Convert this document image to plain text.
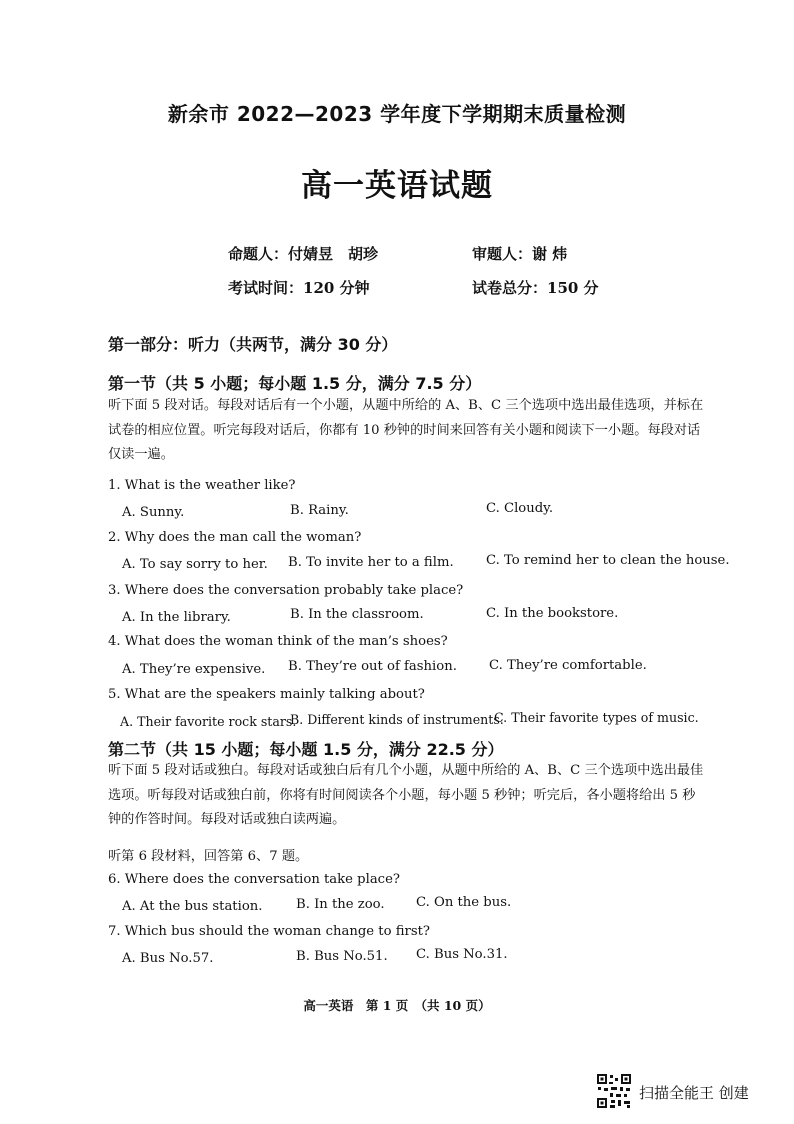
新余市 2022—2023 学年度下学期期末质量检测
高一英语试题
命题人：付婧昱　胡珍	审题人：谢 炜
考试时间：120 分钟	试卷总分：150 分
第一部分：听力（共两节，满分 30 分）
第一节（共 5 小题；每小题 1.5 分，满分 7.5 分）
听下面 5 段对话。每段对话后有一个小题，从题中所给的 A、B、C 三个选项中选出最佳选项，并标在试卷的相应位置。听完每段对话后，你都有 10 秒钟的时间来回答有关小题和阅读下一小题。每段对话仅读一遍。
1. What is the weather like?
A. Sunny.	B. Rainy.	C. Cloudy.
2. Why does the man call the woman?
A. To say sorry to her. B. To invite her to a film. C. To remind her to clean the house.
3. Where does the conversation probably take place?
A. In the library.	B. In the classroom.	C. In the bookstore.
4. What does the woman think of the man’s shoes?
A. They’re expensive. B. They’re out of fashion. C. They’re comfortable.
5. What are the speakers mainly talking about?
A. Their favorite rock stars.
B. Different kinds of instruments.
C. Their favorite types of music.
第二节（共 15 小题；每小题 1.5 分，满分 22.5 分）
听下面 5 段对话或独白。每段对话或独白后有几个小题，从题中所给的 A、B、C 三个选项中选出最佳选项。听每段对话或独白前，你将有时间阅读各个小题，每小题 5 秒钟；听完后，各小题将给出 5 秒钟的作答时间。每段对话或独白读两遍。
听第 6 段材料，回答第 6、7 题。
6. Where does the conversation take place?
A. At the bus station.	B. In the zoo. C. On the bus.
7. Which bus should the woman change to first?
A. Bus No.57.	B. Bus No.51. C. Bus No.31.
高一英语　第 1 页　（共 10 页）
扫描全能王 创建
